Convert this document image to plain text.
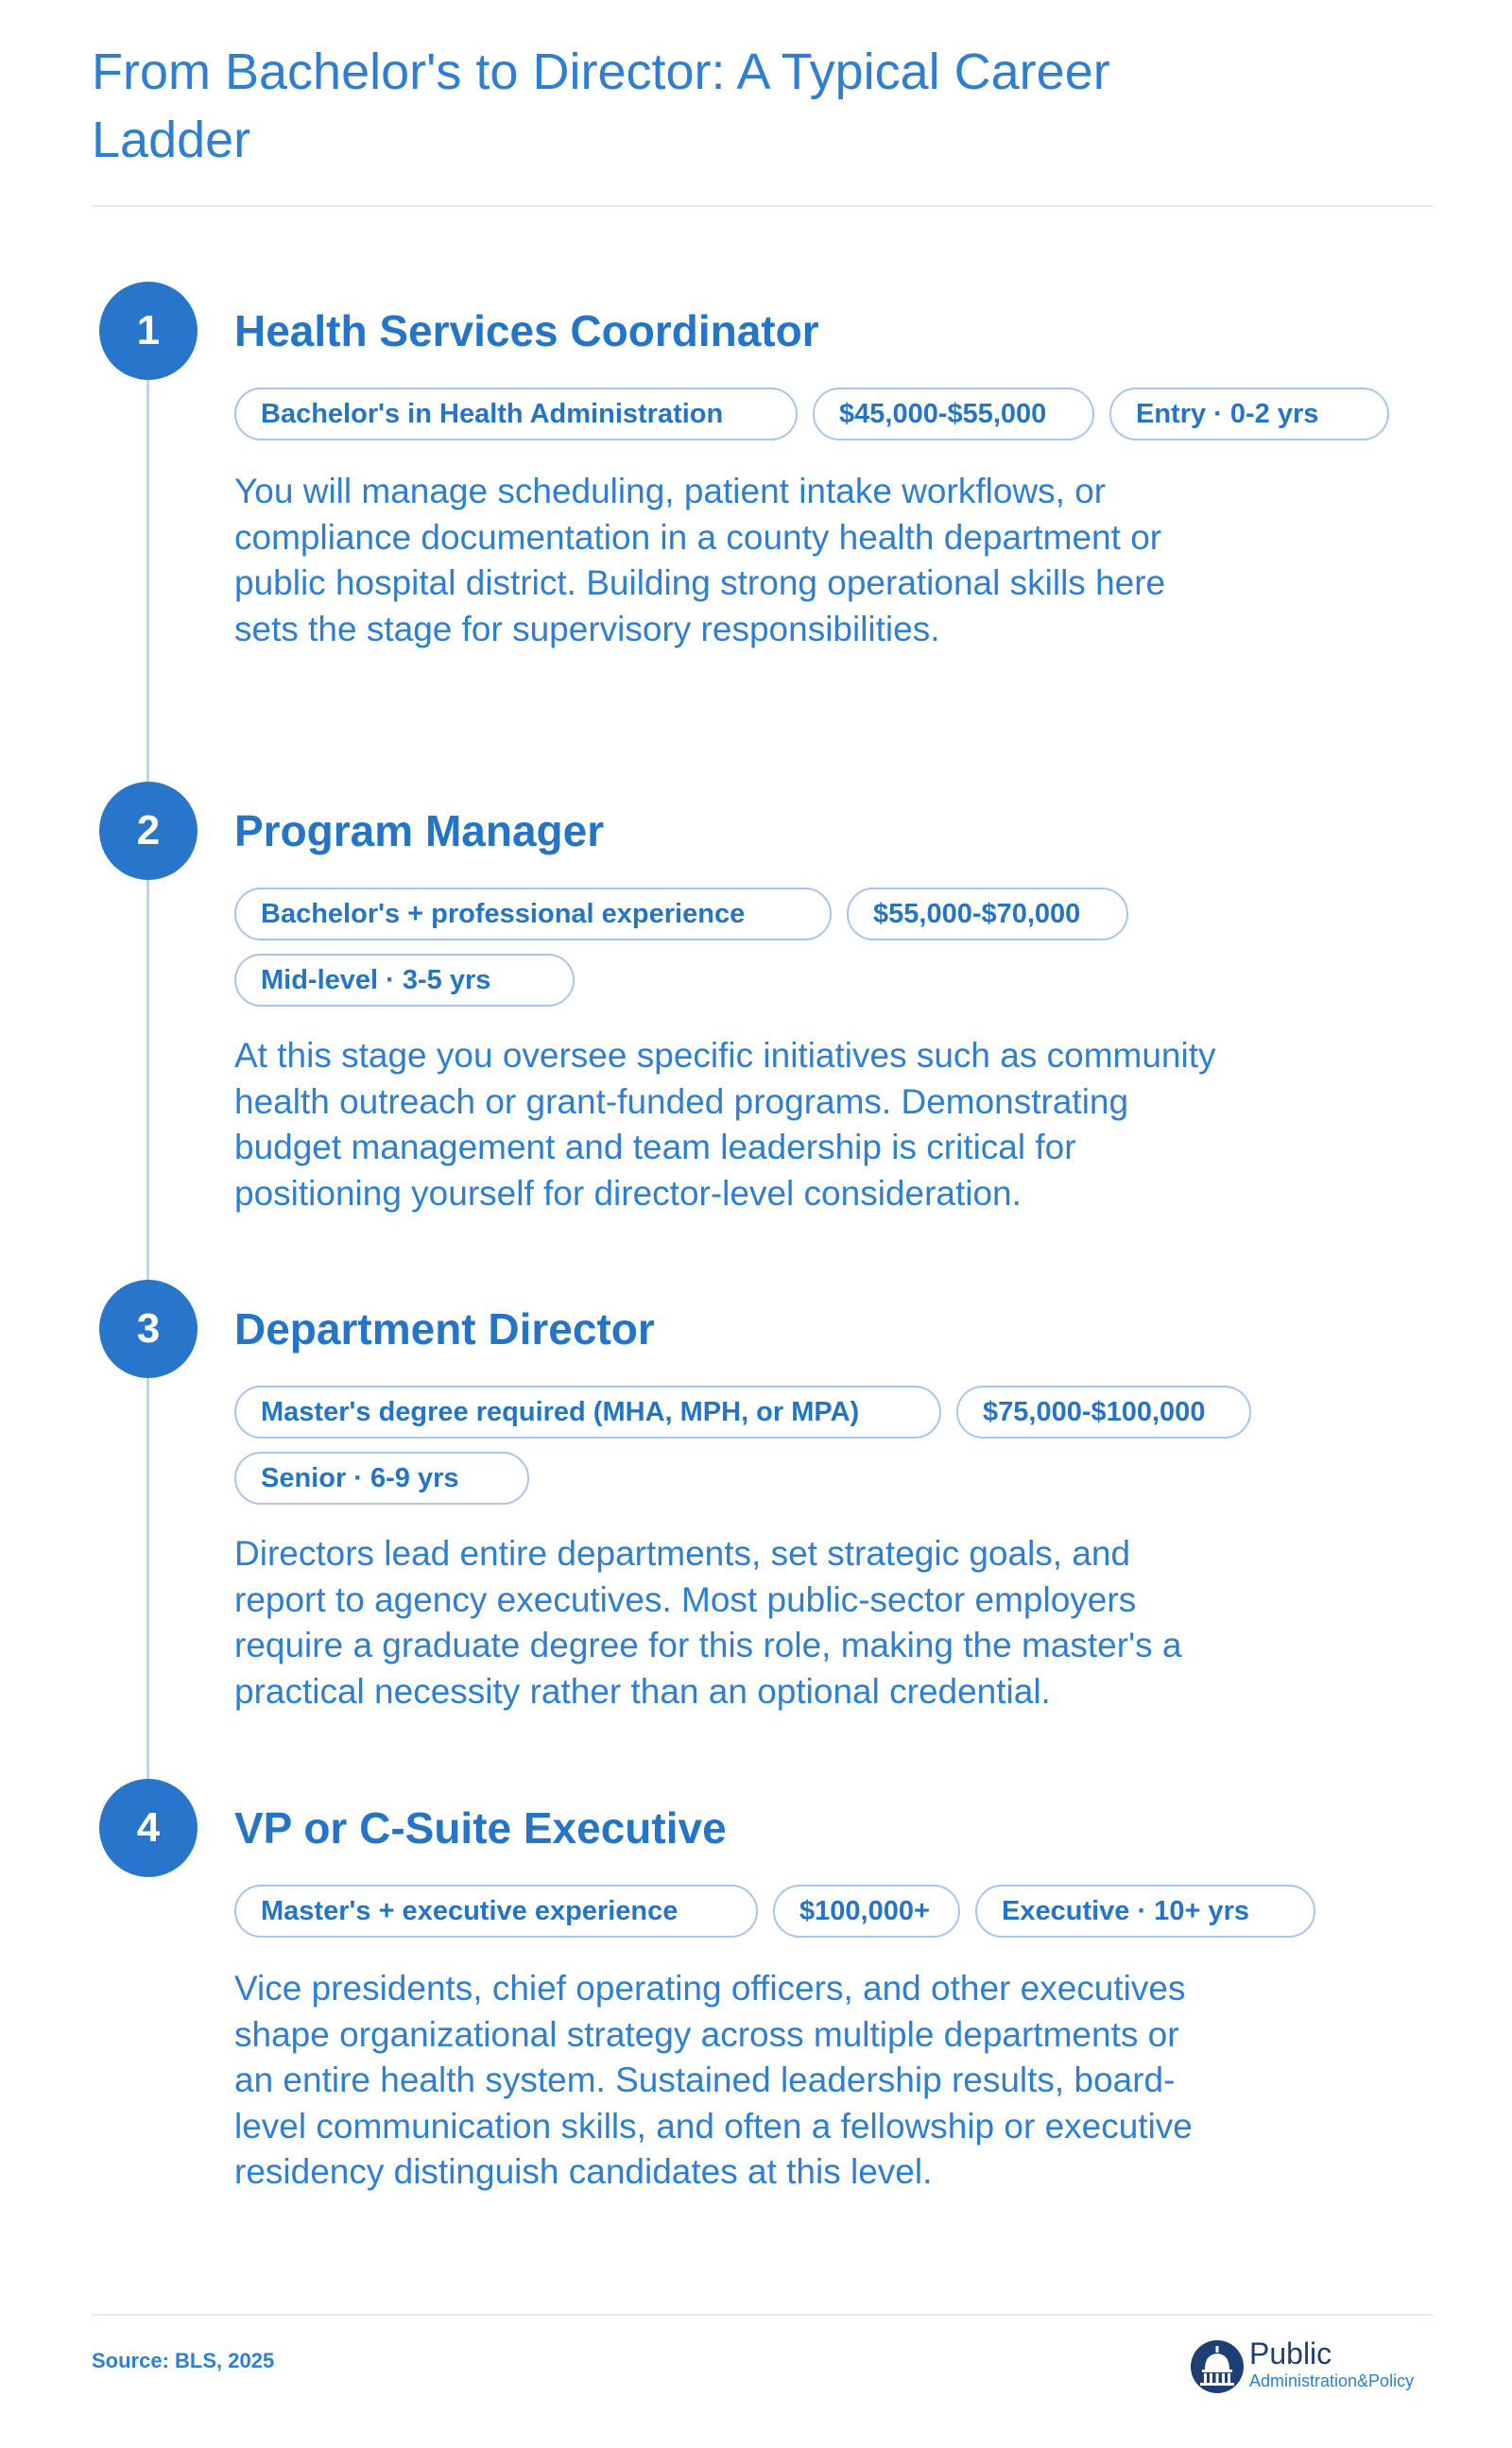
From Bachelor's to Director: A Typical Career Ladder
1	Health Services Coordinator
Bachelor's in Health Administration	$45,000-$55,000	Entry · 0-2 yrs

You will manage scheduling, patient intake workflows, or compliance documentation in a county health department or public hospital district. Building strong operational skills here sets the stage for supervisory responsibilities.

2	Program Manager
Bachelor's + professional experience	$55,000-$70,000
Mid-level · 3-5 yrs

At this stage you oversee specific initiatives such as community health outreach or grant-funded programs. Demonstrating budget management and team leadership is critical for positioning yourself for director-level consideration.

3	Department Director
Master's degree required (MHA, MPH, or MPA)	$75,000-$100,000
Senior · 6-9 yrs

Directors lead entire departments, set strategic goals, and report to agency executives. Most public-sector employers require a graduate degree for this role, making the master's a practical necessity rather than an optional credential.

4	VP or C-Suite Executive
Master's + executive experience	$100,000+	Executive · 10+ yrs

Vice presidents, chief operating officers, and other executives shape organizational strategy across multiple departments or an entire health system. Sustained leadership results, board-level communication skills, and often a fellowship or executive residency distinguish candidates at this level.

Source: BLS, 2025	Public
Administration&Policy
